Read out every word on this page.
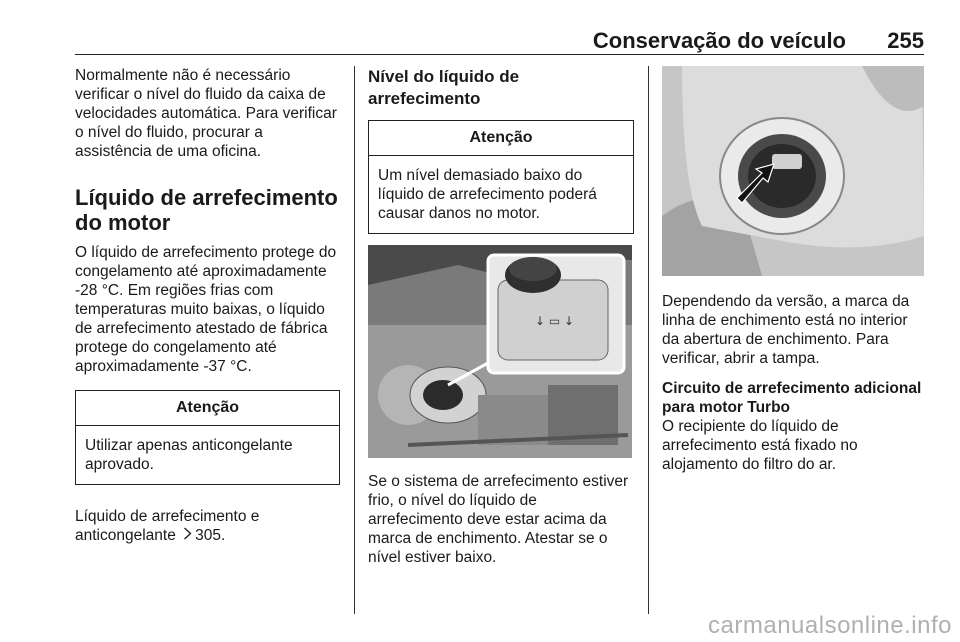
Conservação do veículo 255

Normalmente não é necessário verificar o nível do fluido da caixa de velocidades automática. Para verificar o nível do fluido, procurar a assistência de uma oficina.

Líquido de arrefecimento do motor

O líquido de arrefecimento protege do congelamento até aproximadamente -28 °C. Em regiões frias com temperaturas muito baixas, o líquido de arrefecimento atestado de fábrica protege do congelamento até aproximadamente -37 °C.

Atenção
Utilizar apenas anticongelante aprovado.

Líquido de arrefecimento e anticongelante 305.

Nível do líquido de arrefecimento
Atenção
Um nível demasiado baixo do líquido de arrefecimento poderá causar danos no motor.
↓ ▭ ↓

Se o sistema de arrefecimento estiver frio, o nível do líquido de arrefecimento deve estar acima da marca de enchimento. Atestar se o nível estiver baixo.

Dependendo da versão, a marca da linha de enchimento está no interior da abertura de enchimento. Para verificar, abrir a tampa.

Circuito de arrefecimento adicional para motor Turbo

O recipiente do líquido de arrefecimento está fixado no alojamento do filtro do ar.

carmanualsonline.info
